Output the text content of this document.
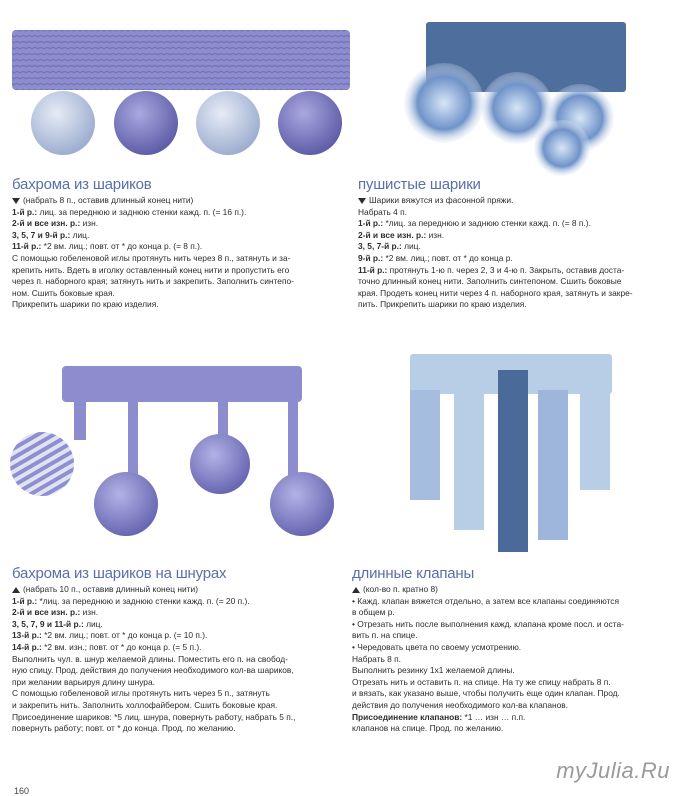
бахрома из шариков
(набрать 8 п., оставив длинный конец нити)
1-й р.: лиц. за переднюю и заднюю стенки кажд. п. (= 16 п.).
2-й и все изн. р.: изн.
3, 5, 7 и 9-й р.: лиц.
11-й р.: *2 вм. лиц.; повт. от * до конца р. (= 8 п.).
С помощью гобеленовой иглы протянуть нить через 8 п., затянуть и за-
крепить нить. Вдеть в иголку оставленный конец нити и пропустить его
через п. наборного края; затянуть нить и закрепить. Заполнить синтепо-
ном. Сшить боковые края.
Прикрепить шарики по краю изделия.
пушистые шарики
Шарики вяжутся из фасонной пряжи.
Набрать 4 п.
1-й р.: *лиц. за переднюю и заднюю стенки кажд. п. (= 8 п.).
2-й и все изн. р.: изн.
3, 5, 7-й р.: лиц.
9-й р.: *2 вм. лиц.; повт. от * до конца р.
11-й р.: протянуть 1-ю п. через 2, 3 и 4-ю п. Закрыть, оставив доста-
точно длинный конец нити. Заполнить синтепоном. Сшить боковые
края. Продеть конец нити через 4 п. наборного края, затянуть и закре-
пить. Прикрепить шарики по краю изделия.
бахрома из шариков на шнурах
(набрать 10 п., оставив длинный конец нити)
1-й р.: *лиц. за переднюю и заднюю стенки кажд. п. (= 20 п.).
2-й и все изн. р.: изн.
3, 5, 7, 9 и 11-й р.: лиц.
13-й р.: *2 вм. лиц.; повт. от * до конца р. (= 10 п.).
14-й р.: *2 вм. изн.; повт. от * до конца р. (= 5 п.).
Выполнить чул. в. шнур желаемой длины. Поместить его п. на свобод-
ную спицу. Прод. действия до получения необходимого кол-ва шариков,
при желании варьируя длину шнура.
С помощью гобеленовой иглы протянуть нить через 5 п., затянуть
и закрепить нить. Заполнить холлофайбером. Сшить боковые края.
Присоединение шариков: *5 лиц. шнура, повернуть работу, набрать 5 п.,
повернуть работу; повт. от * до конца. Прод. по желанию.
длинные клапаны
(кол-во п. кратно 8)
• Кажд. клапан вяжется отдельно, а затем все клапаны соединяются
в общем р.
• Отрезать нить после выполнения кажд. клапана кроме посл. и оста-
вить п. на спице.
• Чередовать цвета по своему усмотрению.
Набрать 8 п.
Выполнить резинку 1x1 желаемой длины.
Отрезать нить и оставить п. на спице. На ту же спицу набрать 8 п.
и вязать, как указано выше, чтобы получить еще один клапан. Прод.
действия до получения необходимого кол-ва клапанов.
Присоединение клапанов: *1 … изн … п.п.
клапанов на спице. Прод. по желанию.
myJulia.Ru
160
